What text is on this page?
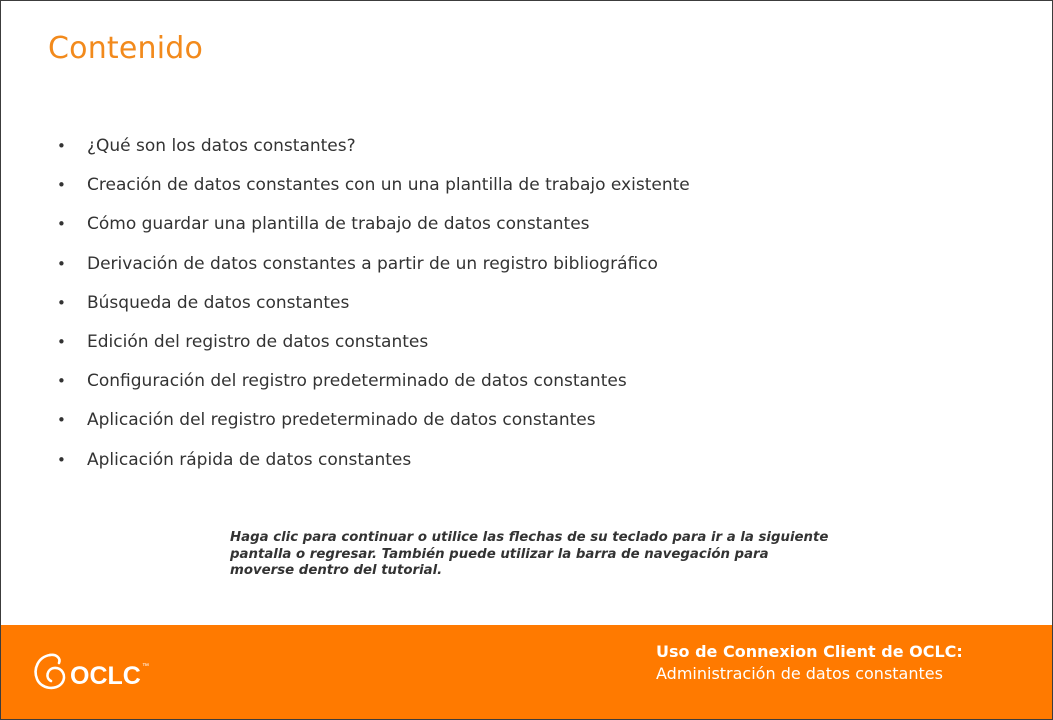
Contenido
• ¿Qué son los datos constantes?
• Creación de datos constantes con un una plantilla de trabajo existente
• Cómo guardar una plantilla de trabajo de datos constantes
• Derivación de datos constantes a partir de un registro bibliográfico
• Búsqueda de datos constantes
• Edición del registro de datos constantes
• Configuración del registro predeterminado de datos constantes
• Aplicación del registro predeterminado de datos constantes
• Aplicación rápida de datos constantes

Haga clic para continuar o utilice las flechas de su teclado para ir a la siguiente pantalla o regresar. También puede utilizar la barra de navegación para moverse dentro del tutorial.

OCLC ™
Uso de Connexion Client de OCLC:
Administración de datos constantes
